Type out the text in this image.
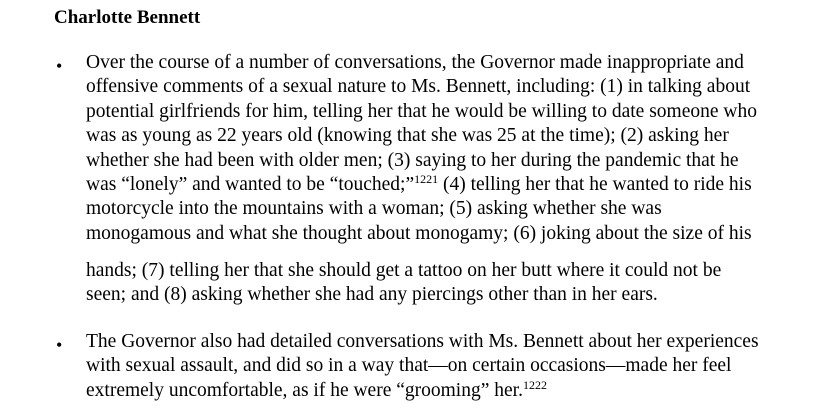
Charlotte Bennett
• Over the course of a number of conversations, the Governor made inappropriate and
offensive comments of a sexual nature to Ms. Bennett, including: (1) in talking about
potential girlfriends for him, telling her that he would be willing to date someone who
was as young as 22 years old (knowing that she was 25 at the time); (2) asking her
whether she had been with older men; (3) saying to her during the pandemic that he
was “lonely” and wanted to be “touched;”$^{1221}$ (4) telling her that he wanted to ride his
motorcycle into the mountains with a woman; (5) asking whether she was
monogamous and what she thought about monogamy; (6) joking about the size of his
hands; (7) telling her that she should get a tattoo on her butt where it could not be
seen; and (8) asking whether she had any piercings other than in her ears.
• The Governor also had detailed conversations with Ms. Bennett about her experiences
with sexual assault, and did so in a way that—on certain occasions—made her feel
extremely uncomfortable, as if he were “grooming” her.$^{1222}$
